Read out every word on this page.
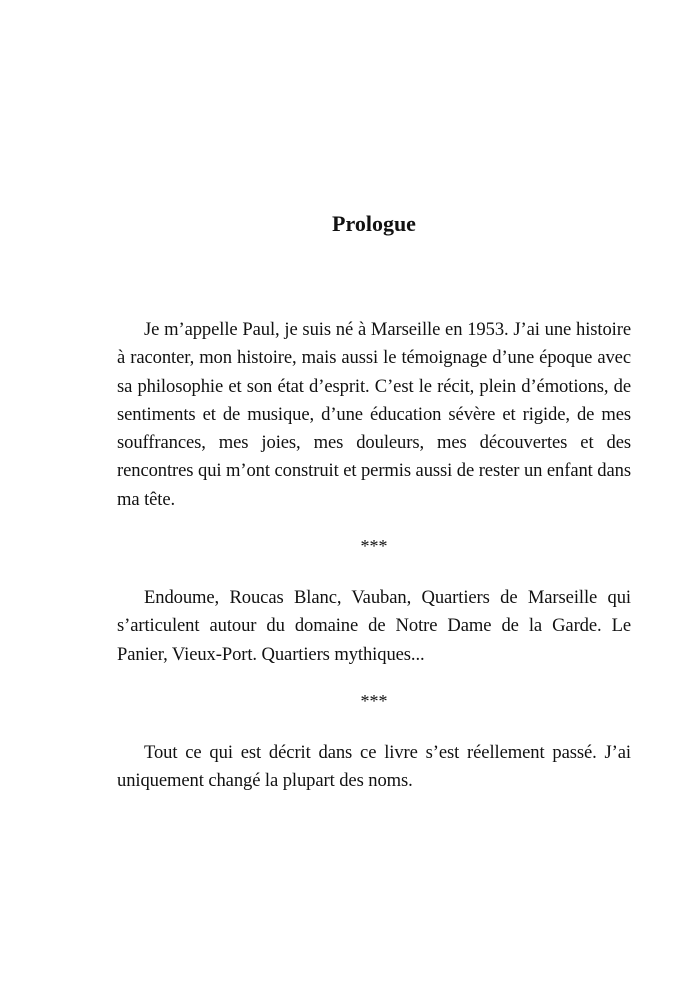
Prologue

Je m’appelle Paul, je suis né à Marseille en 1953. J’ai une histoire à raconter, mon histoire, mais aussi le témoignage d’une époque avec sa philosophie et son état d’esprit. C’est le récit, plein d’émotions, de sentiments et de musique, d’une éducation sévère et rigide, de mes souffrances, mes joies, mes douleurs, mes découvertes et des rencontres qui m’ont construit et permis aussi de rester un enfant dans ma tête.

***

Endoume, Roucas Blanc, Vauban, Quartiers de Marseille qui s’articulent autour du domaine de Notre Dame de la Garde. Le Panier, Vieux-Port. Quartiers mythiques...

***

Tout ce qui est décrit dans ce livre s’est réellement passé. J’ai uniquement changé la plupart des noms.
